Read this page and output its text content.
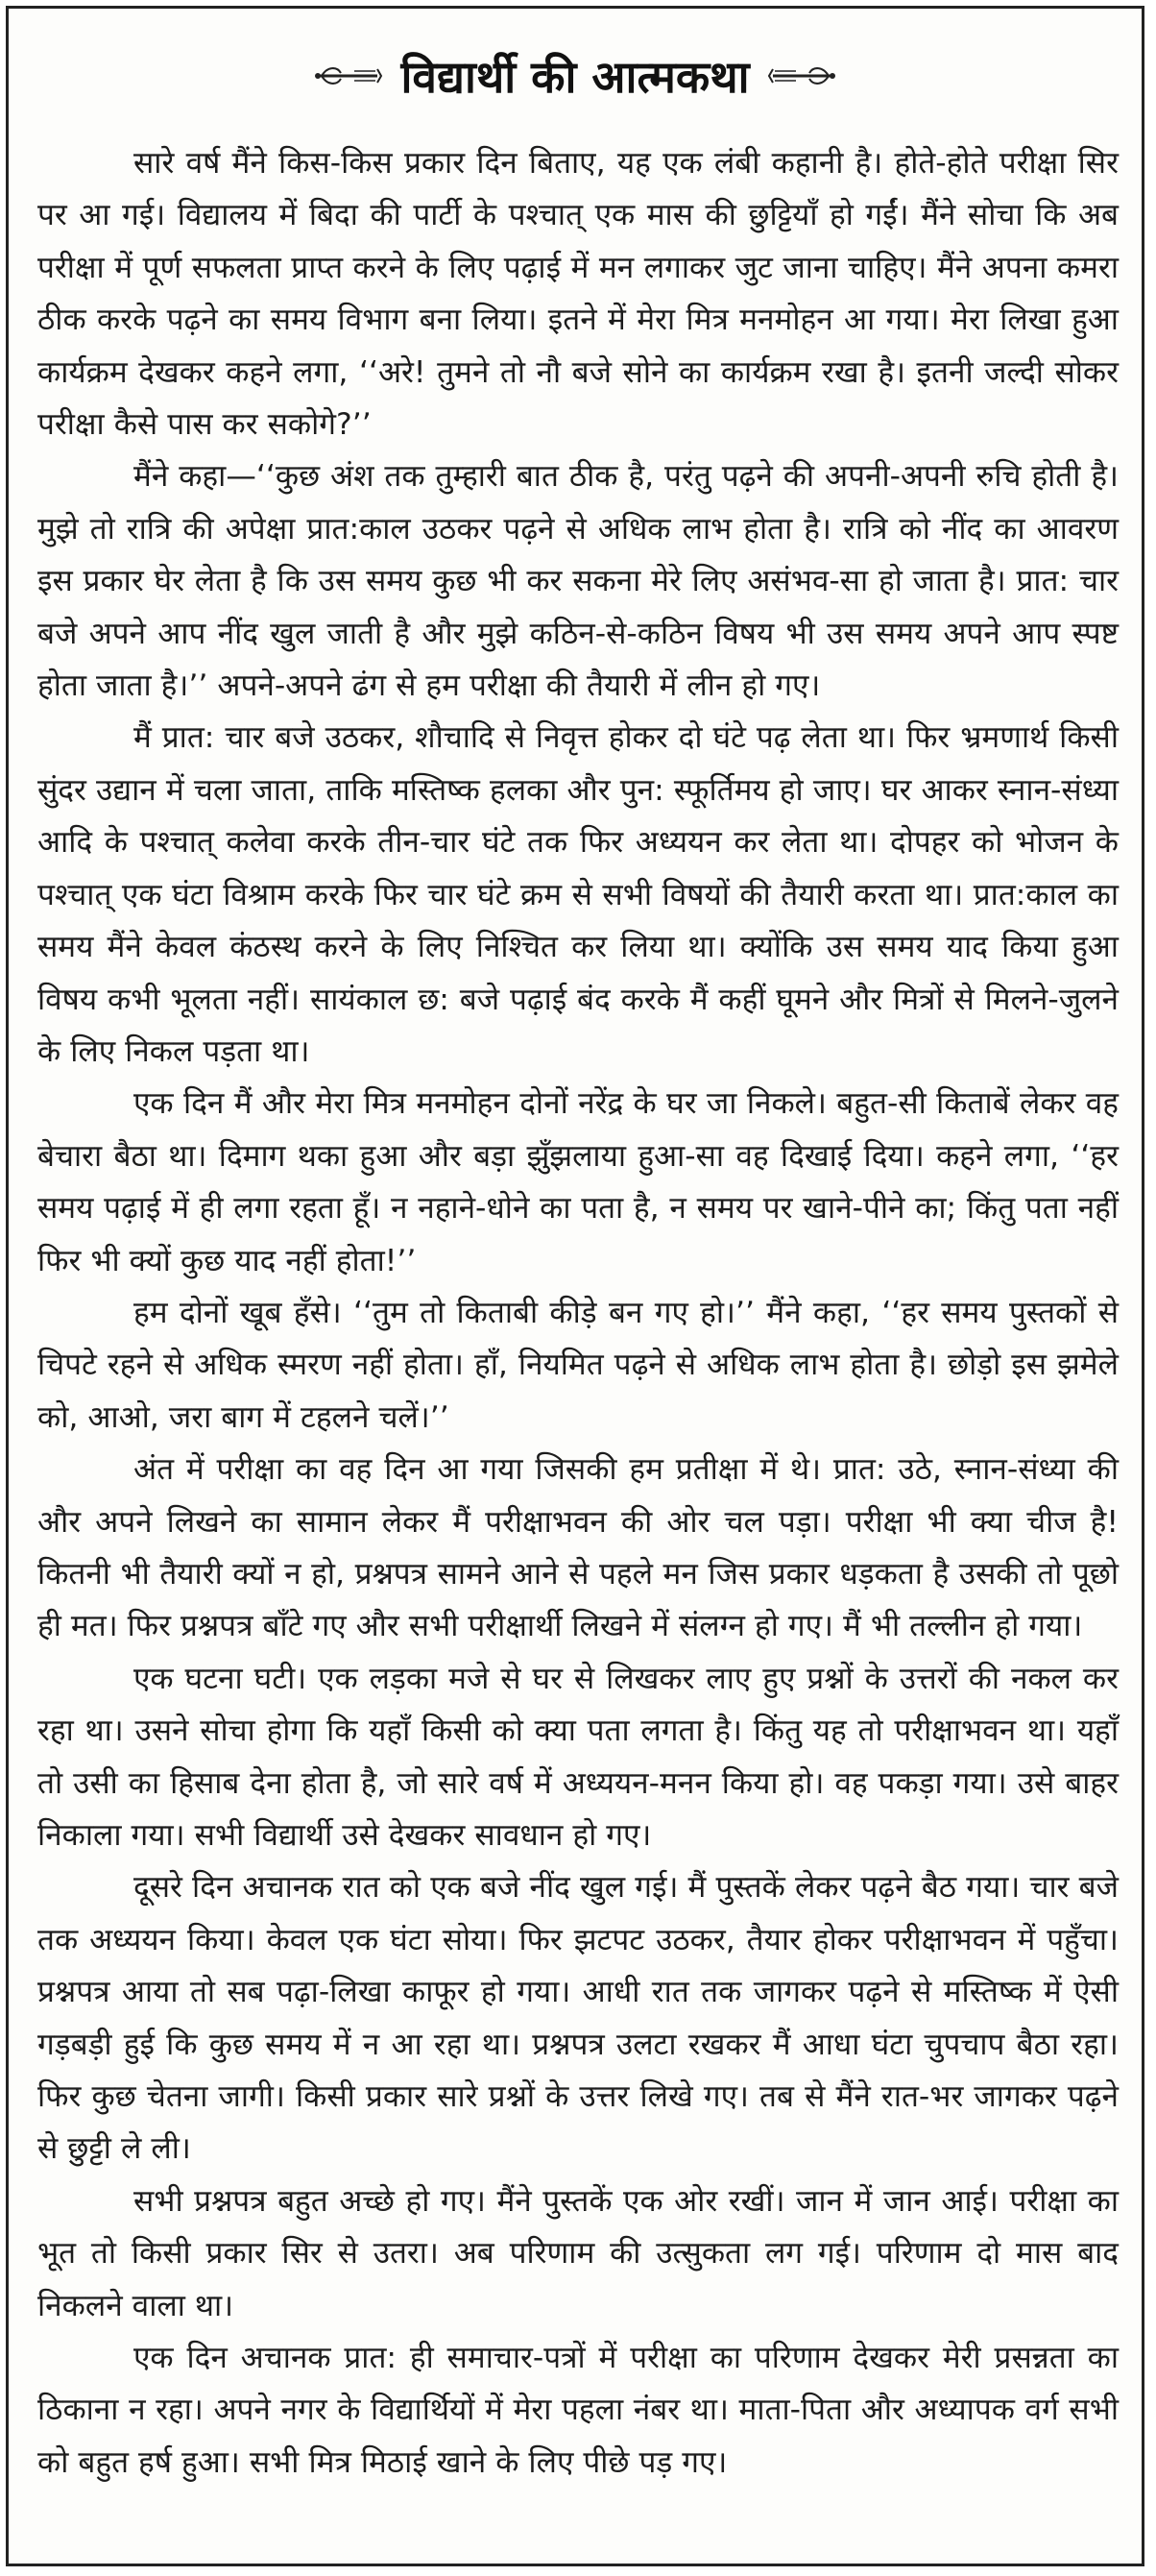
विद्यार्थी की आत्मकथा

सारे वर्ष मैंने किस-किस प्रकार दिन बिताए, यह एक लंबी कहानी है। होते-होते परीक्षा सिर पर आ गई। विद्यालय में बिदा की पार्टी के पश्चात् एक मास की छुट्टियाँ हो गईं। मैंने सोचा कि अब परीक्षा में पूर्ण सफलता प्राप्त करने के लिए पढ़ाई में मन लगाकर जुट जाना चाहिए। मैंने अपना कमरा ठीक करके पढ़ने का समय विभाग बना लिया। इतने में मेरा मित्र मनमोहन आ गया। मेरा लिखा हुआ कार्यक्रम देखकर कहने लगा, ‘‘अरे! तुमने तो नौ बजे सोने का कार्यक्रम रखा है। इतनी जल्दी सोकर परीक्षा कैसे पास कर सकोगे?’’

मैंने कहा—‘‘कुछ अंश तक तुम्हारी बात ठीक है, परंतु पढ़ने की अपनी-अपनी रुचि होती है। मुझे तो रात्रि की अपेक्षा प्रात:काल उठकर पढ़ने से अधिक लाभ होता है। रात्रि को नींद का आवरण इस प्रकार घेर लेता है कि उस समय कुछ भी कर सकना मेरे लिए असंभव-सा हो जाता है। प्रात: चार बजे अपने आप नींद खुल जाती है और मुझे कठिन-से-कठिन विषय भी उस समय अपने आप स्पष्ट होता जाता है।’’ अपने-अपने ढंग से हम परीक्षा की तैयारी में लीन हो गए।

मैं प्रात: चार बजे उठकर, शौचादि से निवृत्त होकर दो घंटे पढ़ लेता था। फिर भ्रमणार्थ किसी सुंदर उद्यान में चला जाता, ताकि मस्तिष्क हलका और पुन: स्फूर्तिमय हो जाए। घर आकर स्नान-संध्या आदि के पश्चात् कलेवा करके तीन-चार घंटे तक फिर अध्ययन कर लेता था। दोपहर को भोजन के पश्चात् एक घंटा विश्राम करके फिर चार घंटे क्रम से सभी विषयों की तैयारी करता था। प्रात:काल का समय मैंने केवल कंठस्थ करने के लिए निश्चित कर लिया था। क्योंकि उस समय याद किया हुआ विषय कभी भूलता नहीं। सायंकाल छ: बजे पढ़ाई बंद करके मैं कहीं घूमने और मित्रों से मिलने-जुलने के लिए निकल पड़ता था।

एक दिन मैं और मेरा मित्र मनमोहन दोनों नरेंद्र के घर जा निकले। बहुत-सी किताबें लेकर वह बेचारा बैठा था। दिमाग थका हुआ और बड़ा झुँझलाया हुआ-सा वह दिखाई दिया। कहने लगा, ‘‘हर समय पढ़ाई में ही लगा रहता हूँ। न नहाने-धोने का पता है, न समय पर खाने-पीने का; किंतु पता नहीं फिर भी क्यों कुछ याद नहीं होता!’’

हम दोनों खूब हँसे। ‘‘तुम तो किताबी कीड़े बन गए हो।’’ मैंने कहा, ‘‘हर समय पुस्तकों से चिपटे रहने से अधिक स्मरण नहीं होता। हाँ, नियमित पढ़ने से अधिक लाभ होता है। छोड़ो इस झमेले को, आओ, जरा बाग में टहलने चलें।’’

अंत में परीक्षा का वह दिन आ गया जिसकी हम प्रतीक्षा में थे। प्रात: उठे, स्नान-संध्या की और अपने लिखने का सामान लेकर मैं परीक्षाभवन की ओर चल पड़ा। परीक्षा भी क्या चीज है! कितनी भी तैयारी क्यों न हो, प्रश्नपत्र सामने आने से पहले मन जिस प्रकार धड़कता है उसकी तो पूछो ही मत। फिर प्रश्नपत्र बाँटे गए और सभी परीक्षार्थी लिखने में संलग्न हो गए। मैं भी तल्लीन हो गया।

एक घटना घटी। एक लड़का मजे से घर से लिखकर लाए हुए प्रश्नों के उत्तरों की नकल कर रहा था। उसने सोचा होगा कि यहाँ किसी को क्या पता लगता है। किंतु यह तो परीक्षाभवन था। यहाँ तो उसी का हिसाब देना होता है, जो सारे वर्ष में अध्ययन-मनन किया हो। वह पकड़ा गया। उसे बाहर निकाला गया। सभी विद्यार्थी उसे देखकर सावधान हो गए।

दूसरे दिन अचानक रात को एक बजे नींद खुल गई। मैं पुस्तकें लेकर पढ़ने बैठ गया। चार बजे तक अध्ययन किया। केवल एक घंटा सोया। फिर झटपट उठकर, तैयार होकर परीक्षाभवन में पहुँचा। प्रश्नपत्र आया तो सब पढ़ा-लिखा काफूर हो गया। आधी रात तक जागकर पढ़ने से मस्तिष्क में ऐसी गड़बड़ी हुई कि कुछ समय में न आ रहा था। प्रश्नपत्र उलटा रखकर मैं आधा घंटा चुपचाप बैठा रहा। फिर कुछ चेतना जागी। किसी प्रकार सारे प्रश्नों के उत्तर लिखे गए। तब से मैंने रात-भर जागकर पढ़ने से छुट्टी ले ली।

सभी प्रश्नपत्र बहुत अच्छे हो गए। मैंने पुस्तकें एक ओर रखीं। जान में जान आई। परीक्षा का भूत तो किसी प्रकार सिर से उतरा। अब परिणाम की उत्सुकता लग गई। परिणाम दो मास बाद निकलने वाला था।

एक दिन अचानक प्रात: ही समाचार-पत्रों में परीक्षा का परिणाम देखकर मेरी प्रसन्नता का ठिकाना न रहा। अपने नगर के विद्यार्थियों में मेरा पहला नंबर था। माता-पिता और अध्यापक वर्ग सभी को बहुत हर्ष हुआ। सभी मित्र मिठाई खाने के लिए पीछे पड़ गए।
